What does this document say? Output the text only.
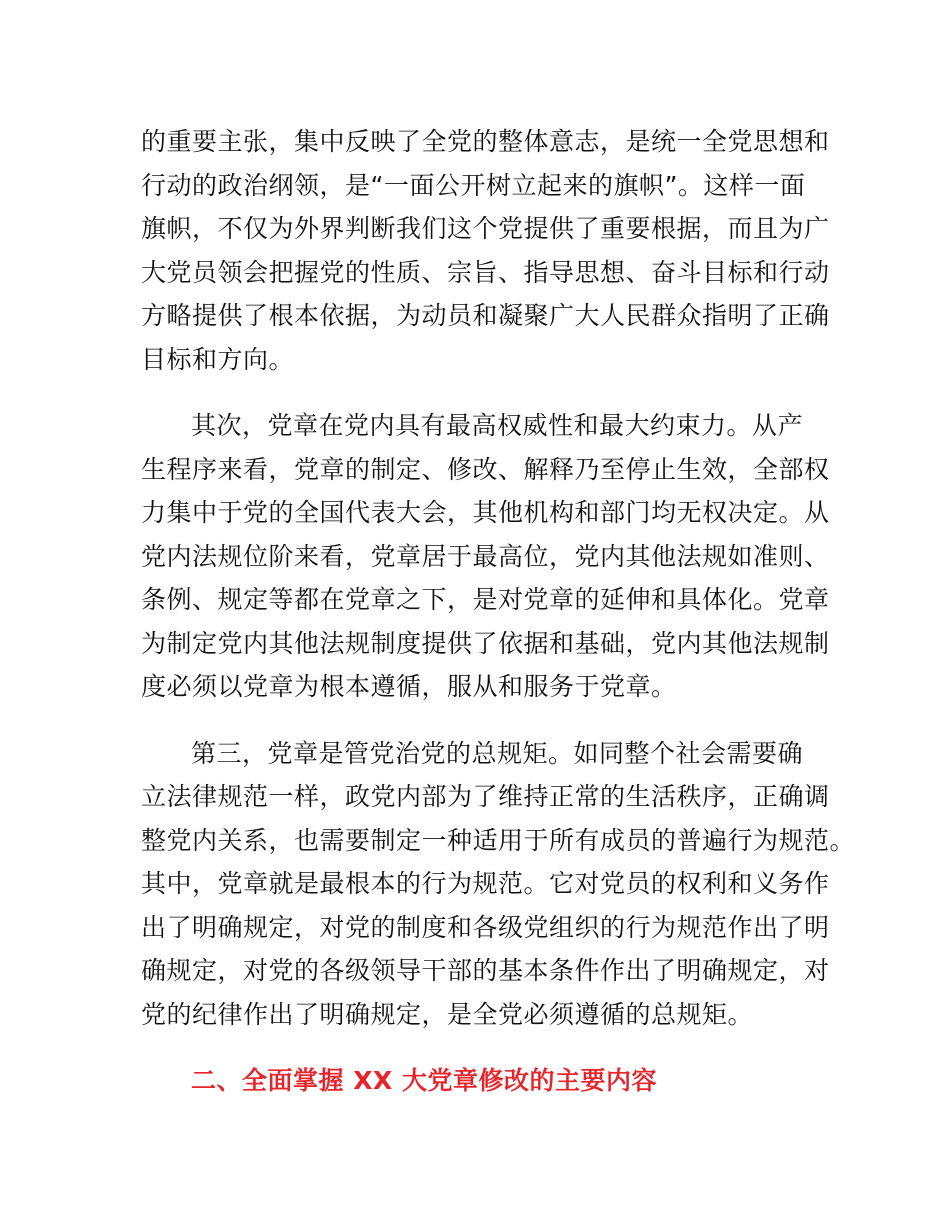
的重要主张，集中反映了全党的整体意志，是统一全党思想和
行动的政治纲领，是“一面公开树立起来的旗帜”。这样一面
旗帜，不仅为外界判断我们这个党提供了重要根据，而且为广
大党员领会把握党的性质、宗旨、指导思想、奋斗目标和行动
方略提供了根本依据，为动员和凝聚广大人民群众指明了正确
目标和方向。

其次，党章在党内具有最高权威性和最大约束力。从产
生程序来看，党章的制定、修改、解释乃至停止生效，全部权
力集中于党的全国代表大会，其他机构和部门均无权决定。从
党内法规位阶来看，党章居于最高位，党内其他法规如准则、
条例、规定等都在党章之下，是对党章的延伸和具体化。党章
为制定党内其他法规制度提供了依据和基础，党内其他法规制
度必须以党章为根本遵循，服从和服务于党章。

第三，党章是管党治党的总规矩。如同整个社会需要确
立法律规范一样，政党内部为了维持正常的生活秩序，正确调
整党内关系，也需要制定一种适用于所有成员的普遍行为规范。
其中，党章就是最根本的行为规范。它对党员的权利和义务作
出了明确规定，对党的制度和各级党组织的行为规范作出了明
确规定，对党的各级领导干部的基本条件作出了明确规定，对
党的纪律作出了明确规定，是全党必须遵循的总规矩。

二、全面掌握 XX 大党章修改的主要内容
